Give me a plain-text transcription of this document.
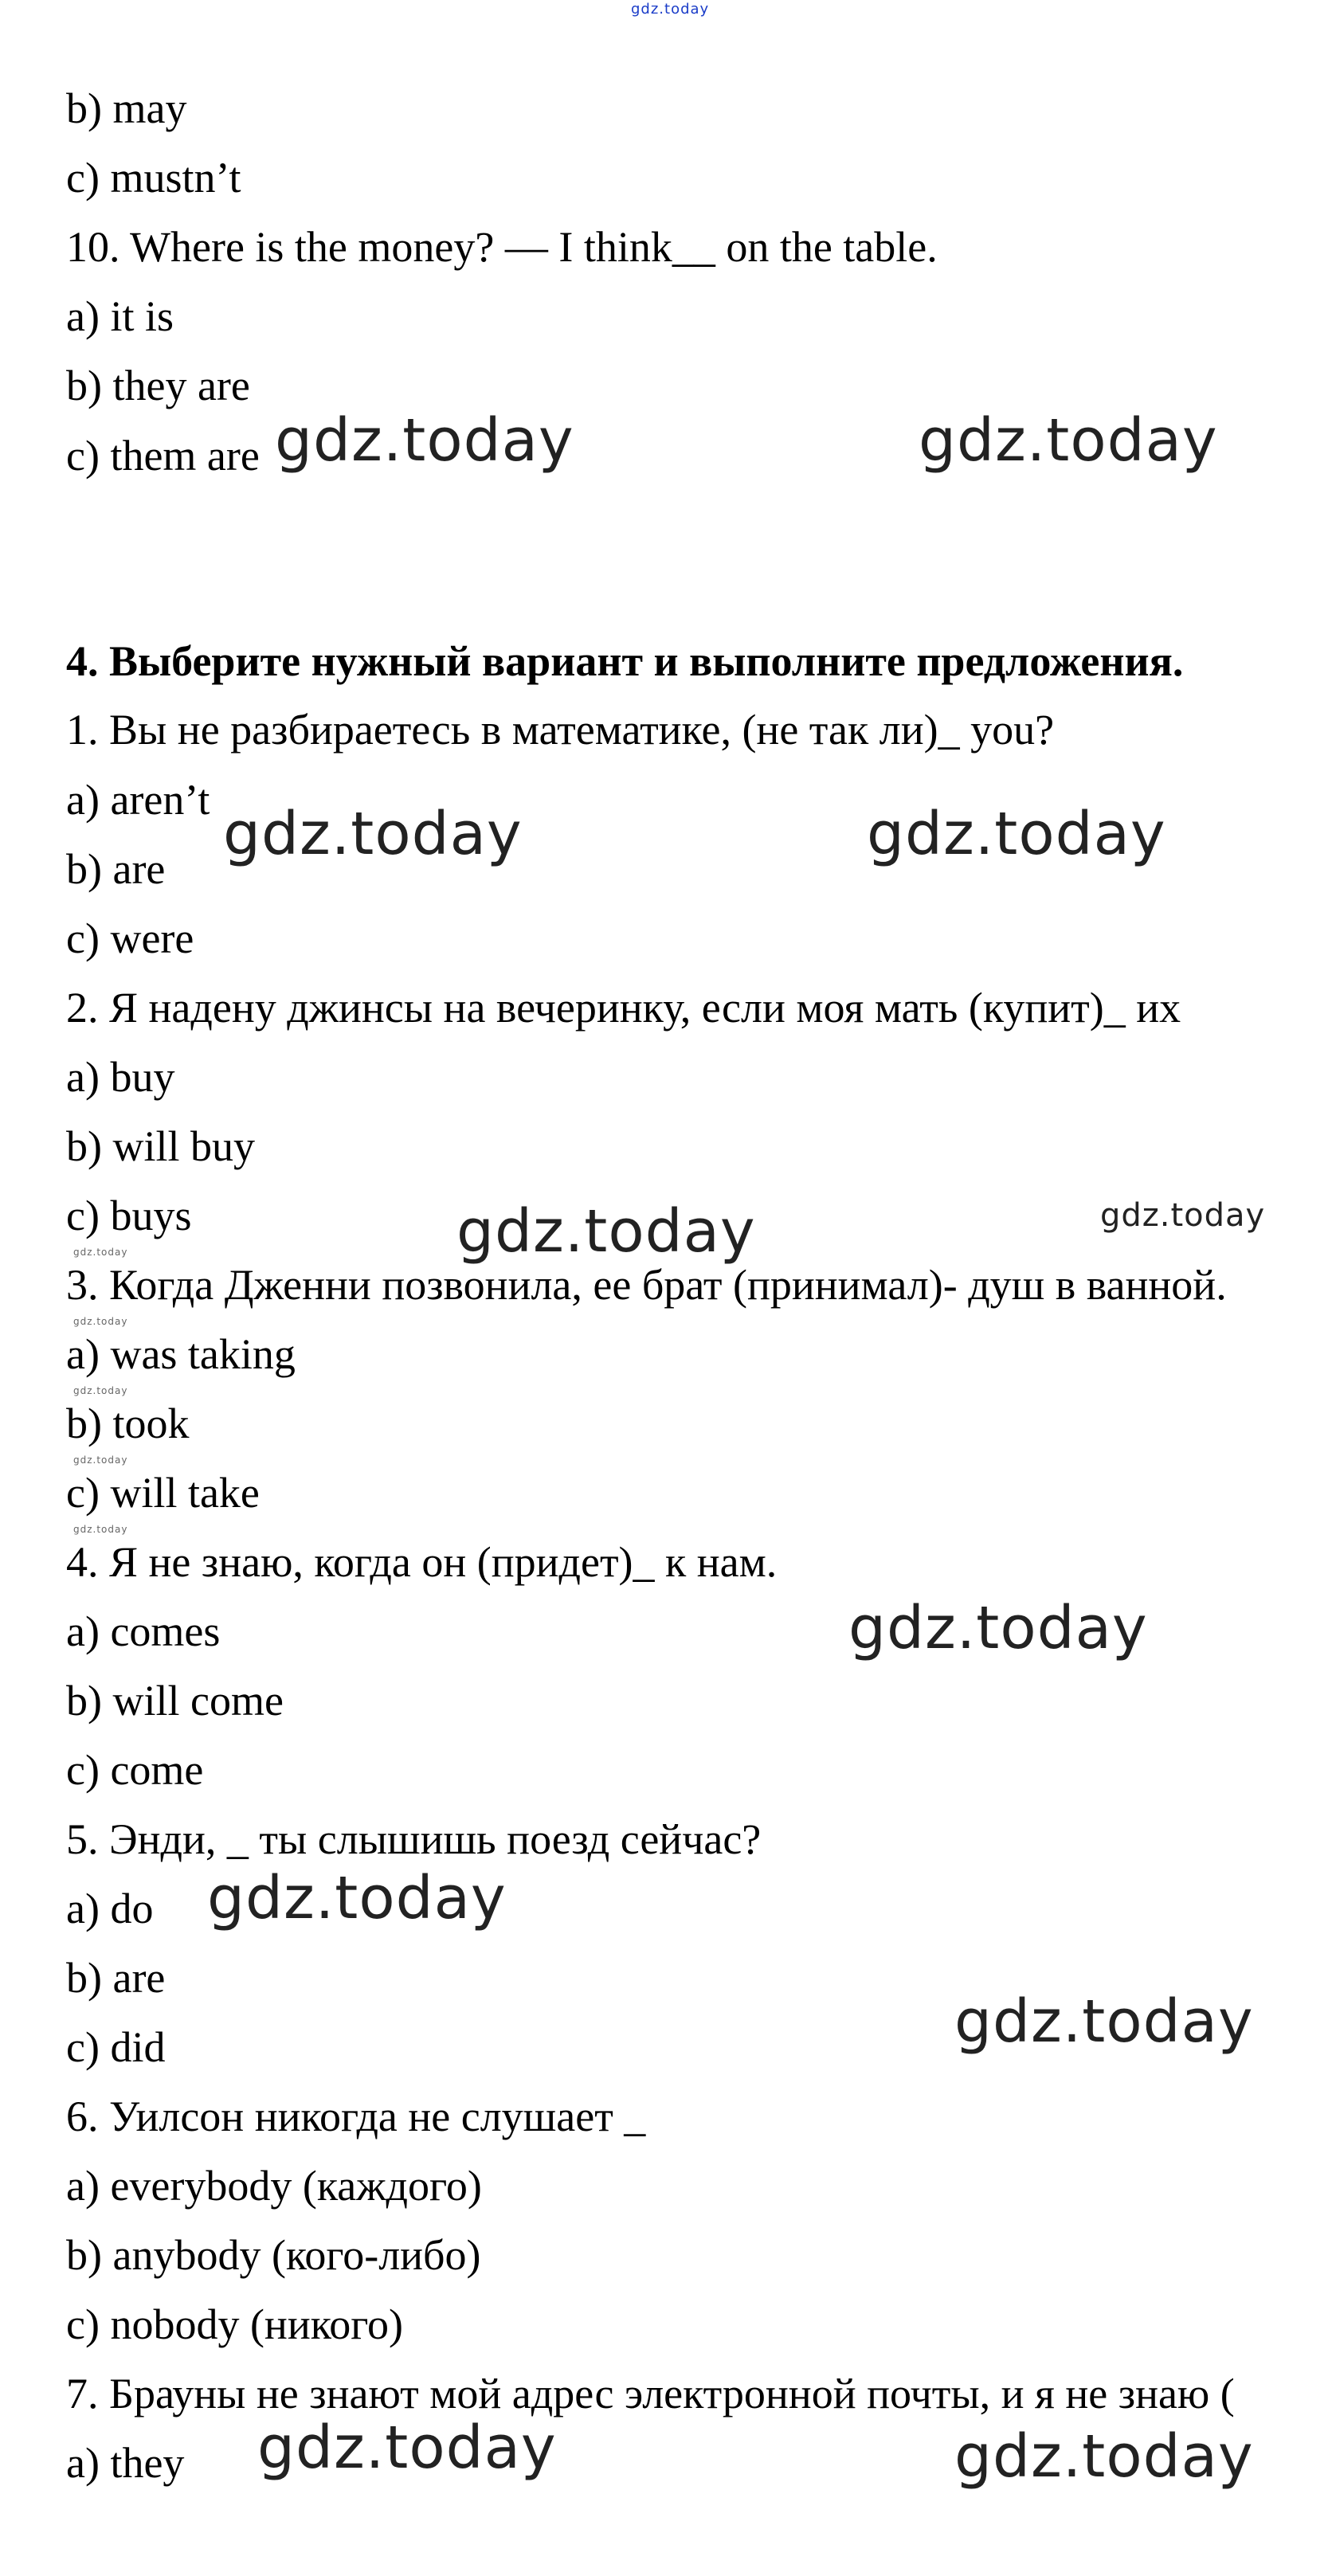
gdz.today
b) may
c) mustn’t
10. Where is the money? — I think__ on the table.
a) it is
b) they are
c) them are
4. Выберите нужный вариант и выполните предложения.
1. Вы не разбираетесь в математике, (не так ли)_ you?
a) aren’t
b) are
c) were
2. Я надену джинсы на вечеринку, если моя мать (купит)_ их
a) buy
b) will buy
c) buys
3. Когда Дженни позвонила, ее брат (принимал)- душ в ванной.
a) was taking
b) took
c) will take
4. Я не знаю, когда он (придет)_ к нам.
a) comes
b) will come
c) come
5. Энди, _ ты слышишь поезд сейчас?
a) do
b) are
c) did
6. Уилсон никогда не слушает _
a) everybody (каждого)
b) anybody (кого-либо)
c) nobody (никого)
7. Брауны не знают мой адрес электронной почты, и я не знаю (
a) they
gdz.today	gdz.today
gdz.today	gdz.today
gdz.today	gdz.today
gdz.today
gdz.today
gdz.today
gdz.today	gdz.today
gdz.today
gdz.today
gdz.today
gdz.today
gdz.today
